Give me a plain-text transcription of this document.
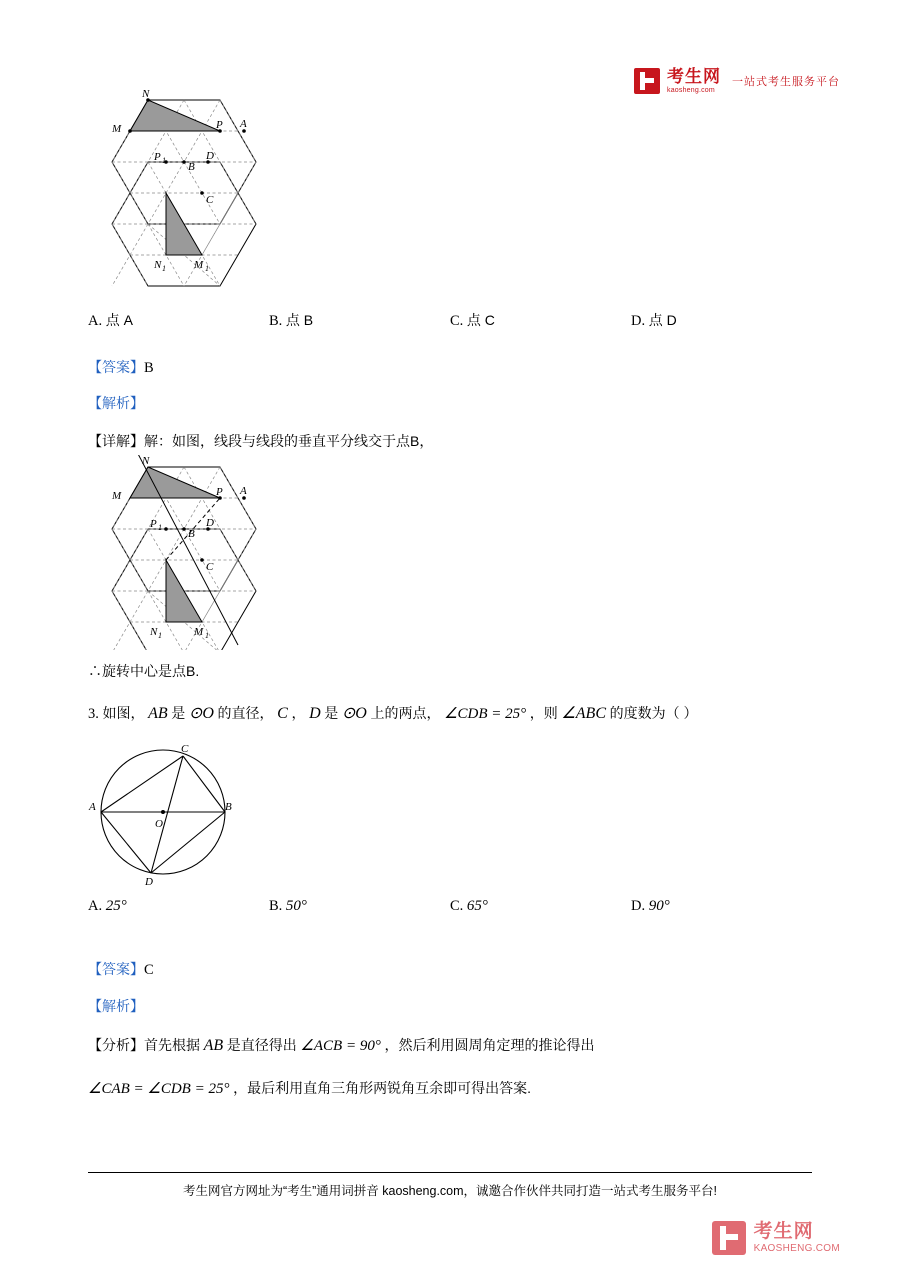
考生网
kaosheng.com
一站式考生服务平台
N
M	A
P
P 1	D
B
C
N 1	M 1
A. 点 A	B. 点 B	C. 点 C	D. 点 D

【答案】B

【解析】

【详解】解：如图，线段与线段的垂直平分线交于点B，

N
M	A
P
P 1	D
B
C
N 1	M 1

∴旋转中心是点B.

3. 如图， AB 是 ⊙O 的直径， C ， D 是 ⊙O 上的两点， ∠CDB = 25° ，则 ∠ABC 的度数为（ ）

C
A	B
O
D
A. 25°	B. 50°	C. 65°	D. 90°

【答案】C

【解析】

【分析】首先根据 AB 是直径得出 ∠ACB = 90° ，然后利用圆周角定理的推论得出

∠CAB = ∠CDB = 25° ，最后利用直角三角形两锐角互余即可得出答案.

考生网官方网址为“考生”通用词拼音 kaosheng.com，诚邀合作伙伴共同打造一站式考生服务平台!
考生网
KAOSHENG.COM
